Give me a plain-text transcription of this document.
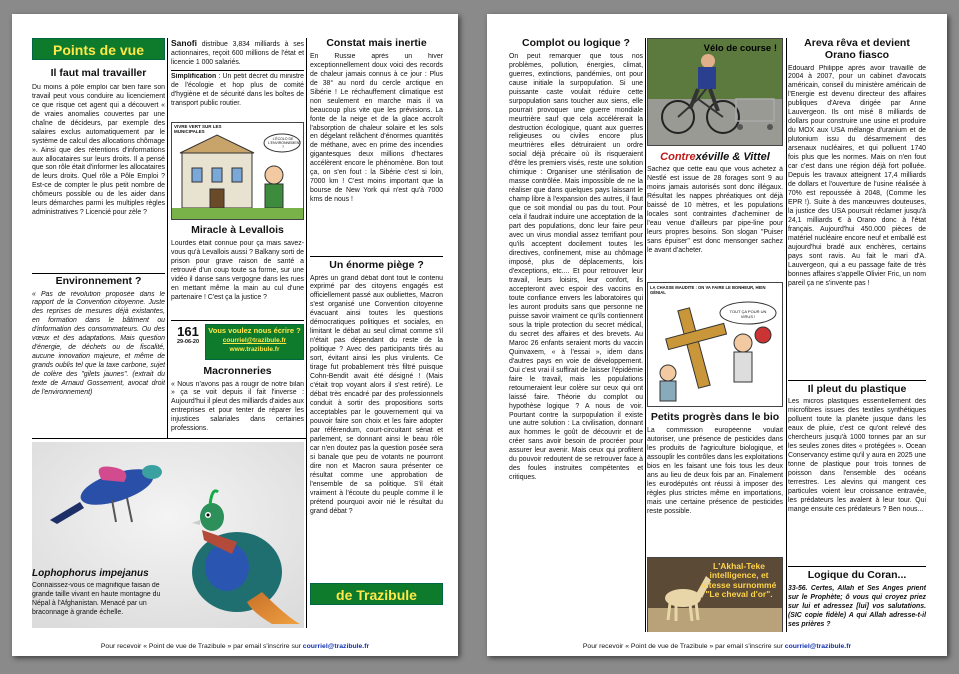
Points de vue
Il faut mal travailler
Du moins à pôle emploi car bien faire son travail peut vous conduire au licenciement ce que risque cet agent qui a découvert « de vraies anomalies couvertes par une chaîne de décideurs, par exemple des salaires exclus automatiquement par le système de calcul des allocations chômage ». Ainsi que des rétentions d'informations aux allocataires sur leurs droits. Il a pensé que son rôle était d'informer les allocataires de leurs droits. Quel rôle a Pôle Emploi ? Est-ce de compter le plus petit nombre de chômeurs possible ou de les aider dans leurs démarches parmi les multiples règles administratives ? Licencié pour zèle ?
Environnement ?
« Pas de révolution proposée dans le rapport de la Convention citoyenne. Juste des reprises de mesures déjà existantes, en formation dans le bâtiment ou d'information des consommateurs. Ou des vœux et des adaptations. Mais question d'énergie, de déchets ou de fiscalité, aucune innovation majeure, et même de grands oublis tel que la taxe carbone, sujet de colère des "gilets jaunes". (extrait du texte de Arnaud Gossement, avocat droit de l'environnement)
Sanofi distribue 3,834 milliards à ses actionnaires, reçoit 600 millions de l'état et licencie 1 000 salariés.
Simplification : Un petit décret du ministre de l'écologie et hop plus de comité d'hygiène et de sécurité dans les boîtes de transport public routier.
VIVRE VERT SUR LES MUNICIPALES
L'ÉCOLO DE L'ENVIRONNEMENT ?
Miracle à Levallois
Lourdes était connue pour ça mais savez-vous qu'à Levallois aussi ? Balkany sorti de prison pour grave raison de santé a retrouvé d'un coup toute sa forme, sur une vidéo il danse sans vergogne dans les rues en mettant même la main au cul d'une partenaire ! C'est ça la justice ?
161
29-06-20
Vous voulez nous écrire ?
courriel@trazibule.fr
www.trazibule.fr
Macronneries
« Nous n'avons pas à rougir de notre bilan » ça se voit depuis il fait l'inverse : Aujourd'hui il pleut des milliards d'aides aux entreprises et pour tenter de réparer les injustices salariales dans certaines professions.
Constat mais inertie
En Russie après un hiver exceptionnellement doux voici des records de chaleur jamais connus à ce jour : Plus de 38° au nord du cercle arctique en Sibérie ! Le réchauffement climatique est non seulement en marche mais il va beaucoup plus vite que les prévisions. La fonte de la neige et de la glace accroît l'absorption de chaleur solaire et les sols en dégelant relâchent d'énormes quantités de méthane, avec en prime des incendies gigantesques deux millions d'hectares accélèrent encore le phénomène. Bon tout ça, on s'en fout : la Sibérie c'est si loin, 7000 km ! C'est moins important que la bourse de New York qui n'est qu'à 7000 kms de nous !
Un énorme piège ?
Après un grand débat dont tout le contenu exprimé par des citoyens engagés est officiellement passé aux oubliettes, Macron s'est organisé une Convention citoyenne évacuant ainsi toutes les questions démocratiques politiques et sociales, en limitant le débat au seul climat comme s'il n'était pas dépendant du reste de la politique ? Avec des participants tirés au sort, évitant ainsi les plus virulents. Ce tirage fut probablement très filtré puisque Cohn-Bendit avait été désigné ! (Mais c'était trop voyant alors il s'est retiré). Le débat très encadré par des professionnels conduit à sortir des propositions sorts acceptables par le gouvernement qui va pouvoir faire son choix et les faire adopter par référendum, court-circuitant sénat et parlement, se donnant ainsi le beau rôle car n'en doutez pas la question posée sera si banale que peu de votants ne pourront dire non et Macron saura présenter ce résultat comme une approbation de l'ensemble de sa politique. S'il était vraiment à l'écoute du peuple comme il le prétend pourquoi avoir nié le résultat du grand débat ?
de Trazibule
Lophophorus impejanus
Connaissez-vous ce magnifique faisan de grande taille vivant en haute montagne du Népal à l'Afghanistan. Menacé par un braconnage à grande échelle.
Pour recevoir « Point de vue de Trazibule » par email s'inscrire sur courriel@trazibule.fr
Complot ou logique ?
On peut remarquer que tous nos problèmes, pollution, énergies, climat, guerres, extinctions, pandémies, ont pour cause initiale la surpopulation. Si une puissante caste voulait réduire cette surpopulation sans toucher aux siens, elle pourrait provoquer une guerre mondiale meurtrière sauf que cela accélérerait la destruction écologique, quant aux guerres religieuses ou civiles encore plus meurtrières elles détruiraient un ordre social déjà précaire où ils risqueraient d'être les premiers visés, reste une solution chimique : Organiser une stérilisation de masse contrôlée. Mais impossible de ne la réaliser que dans quelques pays laissant le champ libre à l'expansion des autres, il faut que ce soit mondial ou pas du tout. Pour cela il faudrait induire une acceptation de la part des populations, donc leur faire peur avec un virus mondial assez terrifiant pour qu'ils acceptent docilement toutes les directives, confinement, mise au chômage imposé, plus de déplacements, lois d'exceptions, etc.... Et pour retrouver leur travail, leurs loisirs, leur confort, ils accepteront avec espoir des vaccins en toute confiance envers les laboratoires qui les auront produits sans que personne ne puisse savoir vraiment ce qu'ils contiennent sous la triple protection du secret médical, du secret des affaires et des brevets. Au Maroc 26 enfants seraient morts du vaccin Quinvaxem, « à l'essai », idem dans d'autres pays en voie de développement. Oui c'est vrai il suffirait de laisser l'épidémie faire le travail, mais les populations retourneraient leur colère sur ceux qui ont laissé faire. Théorie du complot ou hypothèse logique ? A nous de voir. Pourtant contre la surpopulation il existe une autre solution : La civilisation, donnant aux hommes le goût de découvrir et de créer sans avoir besoin de procréer pour assurer leur avenir. Mais ceux qui profitent du pouvoir redoutent de se retrouver face à des foules instruites compétentes et critiques.
Vélo de course !
Contrexéville & Vittel
Sachez que cette eau que vous achetez à Nestlé est issue de 28 forages sont 9 au moins jamais autorisés sont donc illégaux. Résultat les nappes phréatiques ont déjà baissé de 10 mètres, et les populations locales sont contraintes d'acheminer de l'eau venue d'ailleurs par pipe-line pour leurs propres besoins. Son slogan "Puiser sans épuiser" est donc mensonger sachez le avant d'acheter.
LA CHASSE MAUDITE : ON VA FAIRE LE BONHEUR, HEIN GÉNIAL
TOUT ÇA POUR UN VIRUS !
Petits progrès dans le bio
La commission européenne voulait autoriser, une présence de pesticides dans les produits de l'agriculture biologique, et assouplir les contrôles dans les exploitations bios en les faisant une fois tous les deux ans au lieu de deux fois par an. Finalement les eurodéputés ont réussi à imposer des règles plus strictes même en importations, mais une certaine présence de pesticides reste possible.
L'Akhal-Teke intelligence, et vitesse surnommé "Le cheval d'or".
Areva rêva et devient Orano fiasco
Edouard Philippe après avoir travaillé de 2004 à 2007, pour un cabinet d'avocats américain, conseil du ministère américain de l'Energie est devenu directeur des affaires publiques d'Areva dirigée par Anne Lauvergeon. Ils ont misé 8 milliards de dollars pour construire une usine et produire du MOX aux USA mélange d'uranium et de plutonium issu du désarmement des arsenaux nucléaires, et qui polluent 1740 fois plus que les normes. Mais on n'en fout car c'est dans une région déjà fort polluée. Depuis les travaux atteignent 17,4 milliards de dollars et l'ouverture de l'usine réalisée à 70% est repoussée à 2048, (Comme les EPR !). Suite à des manœuvres douteuses, la justice des USA poursuit réclamer jusqu'à 24,1 milliards € à Orano donc à l'état français. Aujourd'hui 450.000 pièces de matériel nucléaire encore neuf et emballé est aujourd'hui bradé aux enchères, certains pays sont ravis. Au fait le mari d'A. Lauvergeon, qui a eu passage faite de très bonnes affaires s'appelle Olivier Fric, un nom pareil ça ne s'invente pas !
Il pleut du plastique
Les micros plastiques essentiellement des microfibres issues des textiles synthétiques polluent toute la planète jusque dans les eaux de pluie, c'est ce qu'ont relevé des chercheurs jusqu'à 1000 tonnes par an sur les seules zones dites « protégées ». Ocean Conservancy estime qu'il y aura en 2025 une tonne de plastique pour trois tonnes de poisson dans l'ensemble des océans terrestres. Les alevins qui mangent ces particules voient leur croissance entravée, les prédateurs les avalent à leur tour. Qui mange ensuite ces prédateurs ? Ben nous...
Logique du Coran...
33-56. Certes, Allah et Ses Anges prient sur le Prophète; ô vous qui croyez priez sur lui et adressez [lui] vos salutations. (SIC copie fidèle) A qui Allah adresse-t-il ses prières ?
Pour recevoir « Point de vue de Trazibule » par email s'inscrire sur courriel@trazibule.fr
